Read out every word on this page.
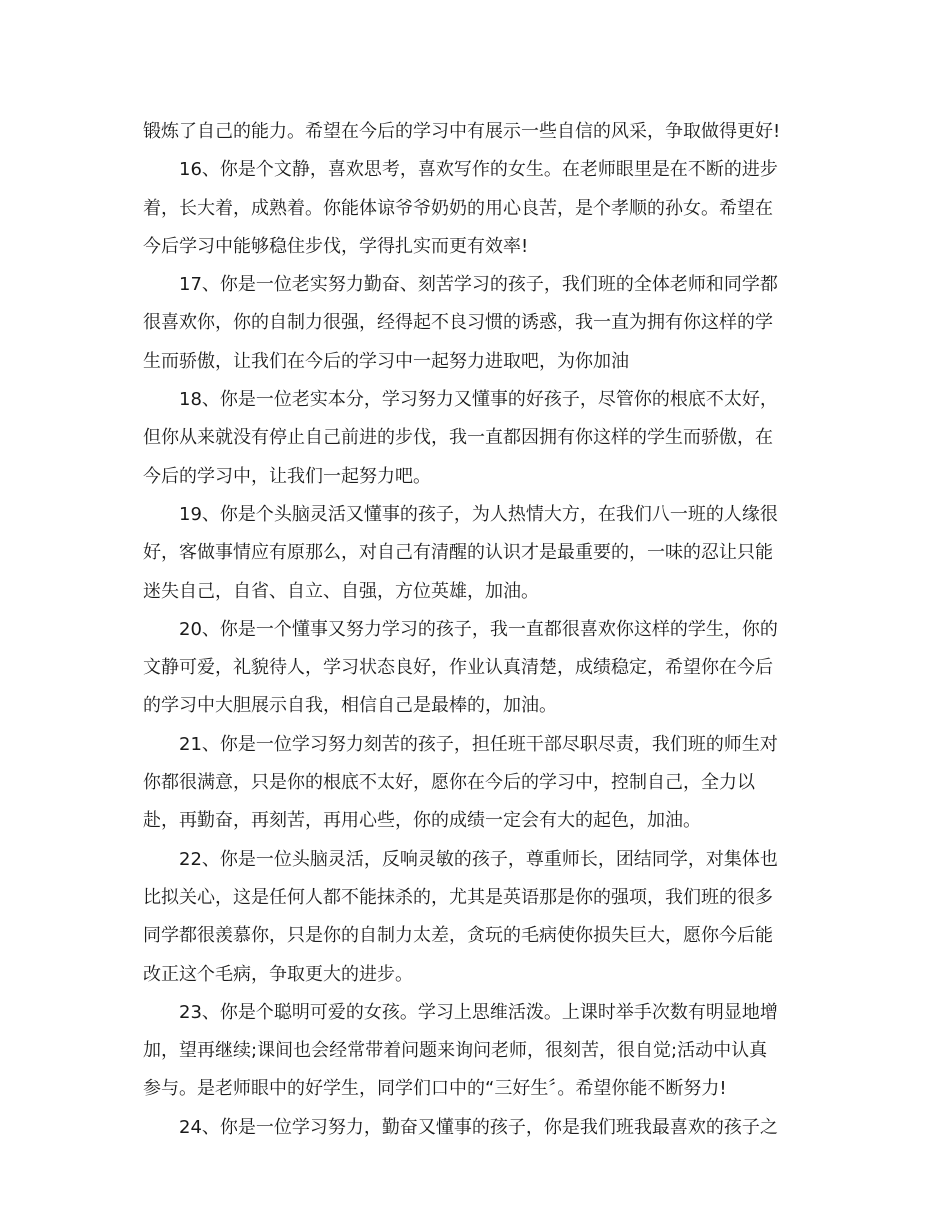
锻炼了自己的能力。希望在今后的学习中有展示一些自信的风采，争取做得更好!

16、你是个文静，喜欢思考，喜欢写作的女生。在老师眼里是在不断的进步
着，长大着，成熟着。你能体谅爷爷奶奶的用心良苦，是个孝顺的孙女。希望在
今后学习中能够稳住步伐，学得扎实而更有效率!

17、你是一位老实努力勤奋、刻苦学习的孩子，我们班的全体老师和同学都
很喜欢你，你的自制力很强，经得起不良习惯的诱惑，我一直为拥有你这样的学
生而骄傲，让我们在今后的学习中一起努力进取吧，为你加油

18、你是一位老实本分，学习努力又懂事的好孩子，尽管你的根底不太好，
但你从来就没有停止自己前进的步伐，我一直都因拥有你这样的学生而骄傲，在
今后的学习中，让我们一起努力吧。

19、你是个头脑灵活又懂事的孩子，为人热情大方，在我们八一班的人缘很
好，客做事情应有原那么，对自己有清醒的认识才是最重要的，一味的忍让只能
迷失自己，自省、自立、自强，方位英雄，加油。

20、你是一个懂事又努力学习的孩子，我一直都很喜欢你这样的学生，你的
文静可爱，礼貌待人，学习状态良好，作业认真清楚，成绩稳定，希望你在今后
的学习中大胆展示自我，相信自己是最棒的，加油。

21、你是一位学习努力刻苦的孩子，担任班干部尽职尽责，我们班的师生对
你都很满意，只是你的根底不太好，愿你在今后的学习中，控制自己，全力以
赴，再勤奋，再刻苦，再用心些，你的成绩一定会有大的起色，加油。

22、你是一位头脑灵活，反响灵敏的孩子，尊重师长，团结同学，对集体也
比拟关心，这是任何人都不能抹杀的，尤其是英语那是你的强项，我们班的很多
同学都很羡慕你，只是你的自制力太差，贪玩的毛病使你损失巨大，愿你今后能
改正这个毛病，争取更大的进步。

23、你是个聪明可爱的女孩。学习上思维活泼。上课时举手次数有明显地增
加，望再继续;课间也会经常带着问题来询问老师，很刻苦，很自觉;活动中认真
参与。是老师眼中的好学生，同学们口中的“三好生〞。希望你能不断努力!

24、你是一位学习努力，勤奋又懂事的孩子，你是我们班我最喜欢的孩子之
